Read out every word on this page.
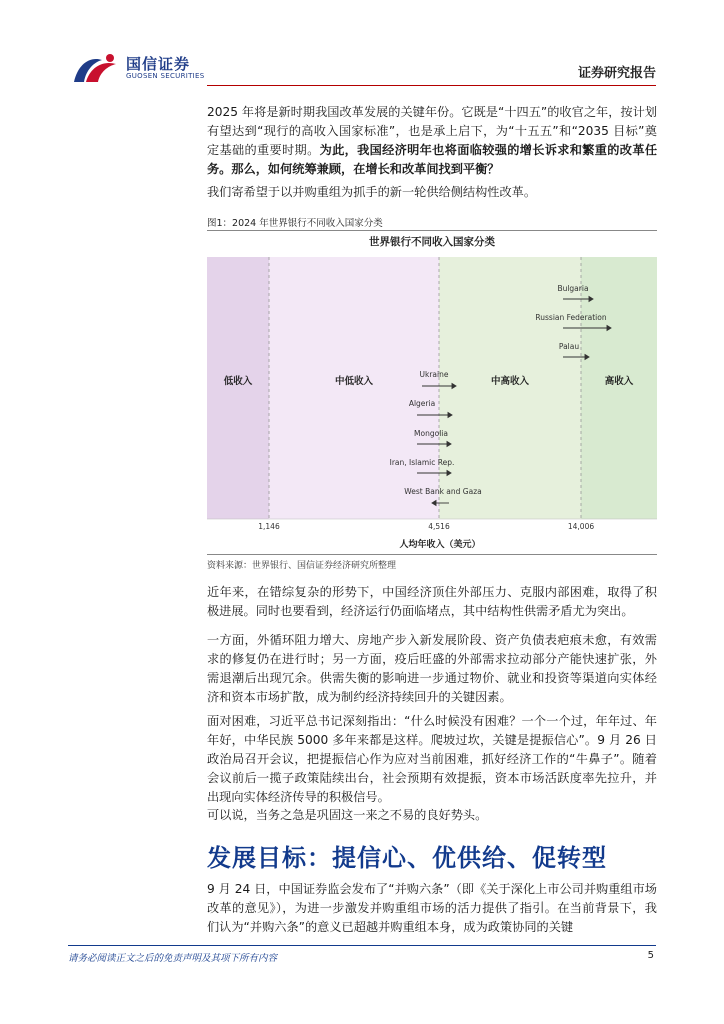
国信证券
GUOSEN SECURITIES	证券研究报告

2025 年将是新时期我国改革发展的关键年份。它既是“十四五”的收官之年，按计划有望达到“现行的高收入国家标准”，也是承上启下，为“十五五”和“2035 目标”奠定基础的重要时期。为此，我国经济明年也将面临较强的增长诉求和繁重的改革任务。那么，如何统筹兼顾，在增长和改革间找到平衡？

我们寄希望于以并购重组为抓手的新一轮供给侧结构性改革。

图1：2024 年世界银行不同收入国家分类
世界银行不同收入国家分类
低收入	中低收入	中高收入	高收入
Bulgaria
Russian Federation
Palau
Ukraine
Algeria
Mongolia
Iran, Islamic Rep.
West Bank and Gaza
1,146	4,516	14,006
人均年收入（美元）
资料来源：世界银行、国信证券经济研究所整理

近年来，在错综复杂的形势下，中国经济顶住外部压力、克服内部困难，取得了积极进展。同时也要看到，经济运行仍面临堵点，其中结构性供需矛盾尤为突出。

一方面，外循环阻力增大、房地产步入新发展阶段、资产负债表疤痕未愈，有效需求的修复仍在进行时；另一方面，疫后旺盛的外部需求拉动部分产能快速扩张，外需退潮后出现冗余。供需失衡的影响进一步通过物价、就业和投资等渠道向实体经济和资本市场扩散，成为制约经济持续回升的关键因素。

面对困难，习近平总书记深刻指出：“什么时候没有困难？一个一个过，年年过、年年好，中华民族 5000 多年来都是这样。爬坡过坎，关键是提振信心”。9 月 26 日政治局召开会议，把提振信心作为应对当前困难，抓好经济工作的“牛鼻子”。随着会议前后一揽子政策陆续出台，社会预期有效提振，资本市场活跃度率先拉升，并出现向实体经济传导的积极信号。

可以说，当务之急是巩固这一来之不易的良好势头。

发展目标：提信心、优供给、促转型

9 月 24 日，中国证券监会发布了“并购六条”（即《关于深化上市公司并购重组市场改革的意见》），为进一步激发并购重组市场的活力提供了指引。在当前背景下，我们认为“并购六条”的意义已超越并购重组本身，成为政策协同的关键

请务必阅读正文之后的免责声明及其项下所有内容	5
